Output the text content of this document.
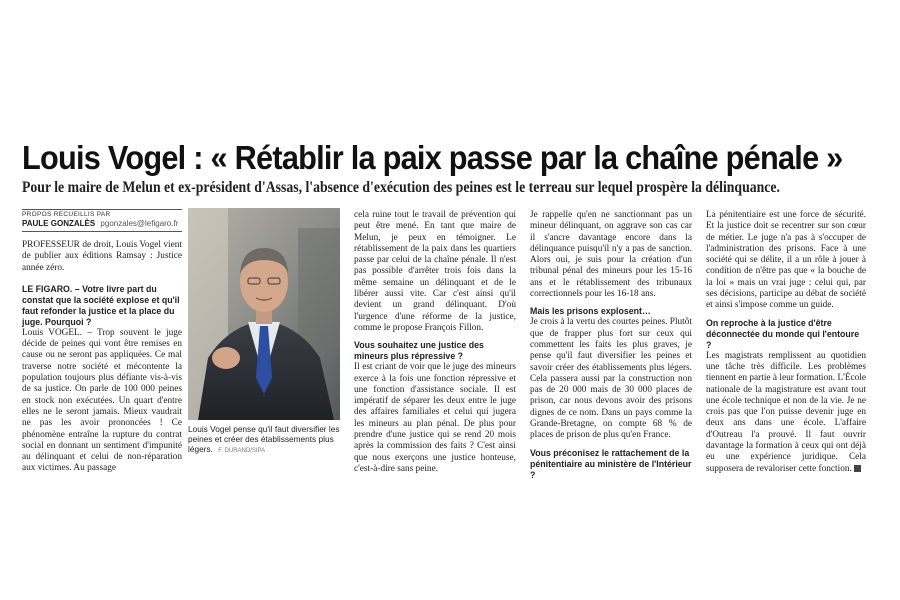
Louis Vogel : « Rétablir la paix passe par la chaîne pénale »
Pour le maire de Melun et ex-président d'Assas, l'absence d'exécution des peines est le terreau sur lequel prospère la délinquance.
PROPOS RECUEILLIS PAR
PAULE GONZALÈS pgonzales@lefigaro.fr

PROFESSEUR de droit, Louis Vogel vient de publier aux éditions Ramsay : Justice année zéro.

LE FIGARO. – Votre livre part du constat que la société explose et qu'il faut refonder la justice et la place du juge. Pourquoi ?

Louis VOGEL. – Trop souvent le juge décide de peines qui vont être remises en cause ou ne seront pas appliquées. Ce mal traverse notre société et mécontente la population toujours plus défiante vis-à-vis de sa justice. On parle de 100 000 peines en stock non exécutées. Un quart d'entre elles ne le seront jamais. Mieux vaudrait ne pas les avoir prononcées ! Ce phénomène entraîne la rupture du contrat social en donnant un sentiment d'impunité au délinquant et celui de non-réparation aux victimes. Au passage

Louis Vogel pense qu'il faut diversifier les peines et créer des établissements plus légers. F. DURAND/SIPA

cela ruine tout le travail de prévention qui peut être mené. En tant que maire de Melun, je peux en témoigner. Le rétablissement de la paix dans les quartiers passe par celui de la chaîne pénale. Il n'est pas possible d'arrêter trois fois dans la même semaine un délinquant et de le libérer aussi vite. Car c'est ainsi qu'il devient un grand délinquant. D'où l'urgence d'une réforme de la justice, comme le propose François Fillon.

Vous souhaitez une justice des mineurs plus répressive ?

Il est criant de voir que le juge des mineurs exerce à la fois une fonction répressive et une fonction d'assistance sociale. Il est impératif de séparer les deux entre le juge des affaires familiales et celui qui jugera les mineurs au plan pénal. De plus pour prendre d'une justice qui se rend 20 mois après la commission des faits ? C'est ainsi que nous exerçons une justice honteuse, c'est-à-dire sans peine.

Je rappelle qu'en ne sanctionnant pas un mineur délinquant, on aggrave son cas car il s'ancre davantage encore dans la délinquance puisqu'il n'y a pas de sanction. Alors oui, je suis pour la création d'un tribunal pénal des mineurs pour les 15-16 ans et le rétablissement des tribunaux correctionnels pour les 16-18 ans.

Mais les prisons explosent…

Je crois à la vertu des courtes peines. Plutôt que de frapper plus fort sur ceux qui commettent les faits les plus graves, je pense qu'il faut diversifier les peines et savoir créer des établissements plus légers. Cela passera aussi par la construction non pas de 20 000 mais de 30 000 places de prison, car nous devons avoir des prisons dignes de ce nom. Dans un pays comme la Grande-Bretagne, on compte 68 % de places de prison de plus qu'en France.

Vous préconisez le rattachement de la pénitentiaire au ministère de l'Intérieur ?

La pénitentiaire est une force de sécurité. Et la justice doit se recentrer sur son cœur de métier. Le juge n'a pas à s'occuper de l'administration des prisons. Face à une société qui se délite, il a un rôle à jouer à condition de n'être pas que « la bouche de la loi » mais un vrai juge : celui qui, par ses décisions, participe au débat de société et ainsi s'impose comme un guide.

On reproche à la justice d'être déconnectée du monde qui l'entoure ?

Les magistrats remplissent au quotidien une tâche très difficile. Les problèmes tiennent en partie à leur formation. L'École nationale de la magistrature est avant tout une école technique et non de la vie. Je ne crois pas que l'on puisse devenir juge en deux ans dans une école. L'affaire d'Outreau l'a prouvé. Il faut ouvrir davantage la formation à ceux qui ont déjà eu une expérience juridique. Cela supposera de revaloriser cette fonction.
